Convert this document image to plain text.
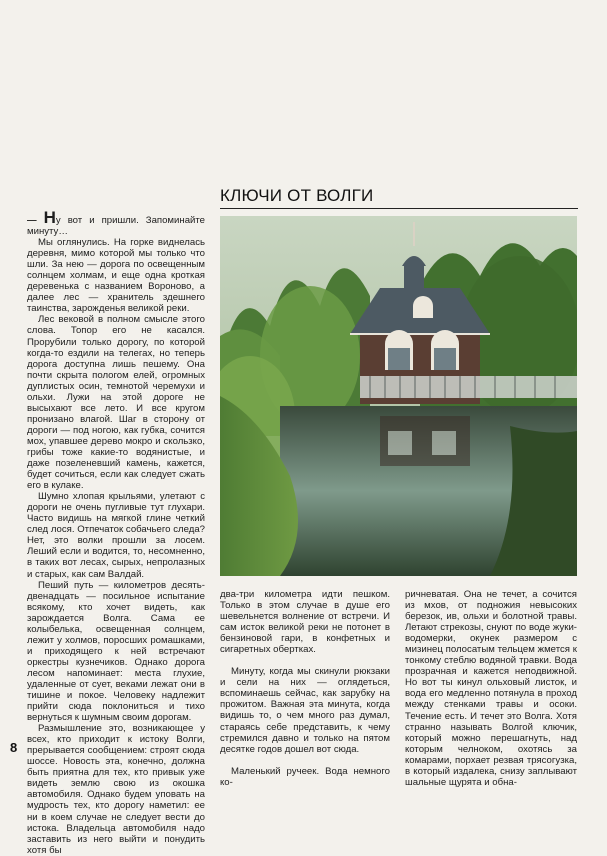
КЛЮЧИ ОТ ВОЛГИ

— Ну вот и пришли. Запоминайте минуту…

Мы оглянулись. На горке виднелась деревня, мимо которой мы только что шли. За нею — дорога по освещенным солнцем холмам, и еще одна кроткая деревенька с названием Вороново, а далее лес — хранитель здешнего таинства, зарожденья великой реки.

Лес вековой в полном смысле этого слова. Топор его не касался. Прорубили только дорогу, по которой когда-то ездили на телегах, но теперь дорога доступна лишь пешему. Она почти скрыта пологом елей, огромных дуплистых осин, темнотой черемухи и ольхи. Лужи на этой дороге не высыхают все лето. И все кругом пронизано влагой. Шаг в сторону от дороги — под ногою, как губка, сочится мох, упавшее дерево мокро и скользко, грибы тоже какие-то водянистые, и даже позеленевший камень, кажется, будет сочиться, если как следует сжать его в кулаке.

Шумно хлопая крыльями, улетают с дороги не очень пугливые тут глухари. Часто видишь на мягкой глине четкий след лося. Отпечаток собачьего следа? Нет, это волки прошли за лосем. Леший если и водится, то, несомненно, в таких вот лесах, сырых, непролазных и старых, как сам Валдай.

Пеший путь — километров десять-двенадцать — посильное испытание всякому, кто хочет видеть, как зарождается Волга. Сама ее колыбелька, освещенная солнцем, лежит у холмов, поросших ромашками, и приходящего к ней встречают оркестры кузнечиков. Однако дорога лесом напоминает: места глухие, удаленные от сует, веками лежат они в тишине и покое. Человеку надлежит прийти сюда поклониться и тихо вернуться к шумным своим дорогам.

Размышление это, возникающее у всех, кто приходит к истоку Волги, прерывается сообщением: строят сюда шоссе. Новость эта, конечно, должна быть приятна для тех, кто привык уже видеть землю свою из окошка автомобиля. Однако будем уповать на мудрость тех, кто дорогу наметил: ее ни в коем случае не следует вести до истока. Владельца автомобиля надо заставить из него выйти и понудить хотя бы

два-три километра идти пешком. Только в этом случае в душе его шевельнется волнение от встречи. И сам исток великой реки не потонет в бензиновой гари, в конфетных и сигаретных обертках.

Минуту, когда мы скинули рюкзаки и сели на них — оглядеться, вспоминаешь сейчас, как зарубку на прожитом. Важная эта минута, когда видишь то, о чем много раз думал, стараясь себе представить, к чему стремился давно и только на пятом десятке годов дошел вот сюда.

Маленький ручеек. Вода немного ко-

ричневатая. Она не течет, а сочится из мхов, от подножия невысоких березок, ив, ольхи и болотной травы. Летают стрекозы, снуют по воде жуки-водомерки, окунек размером с мизинец полосатым тельцем жмется к тонкому стеблю водяной травки. Вода прозрачная и кажется неподвижной. Но вот ты кинул ольховый листок, и вода его медленно потянула в проход между стенками травы и осоки. Течение есть. И течет это Волга. Хотя странно называть Волгой ключик, который можно перешагнуть, над которым челноком, охотясь за комарами, порхает резвая трясогузка, в который издалека, снизу заплывают шальные щурята и обна-

8
